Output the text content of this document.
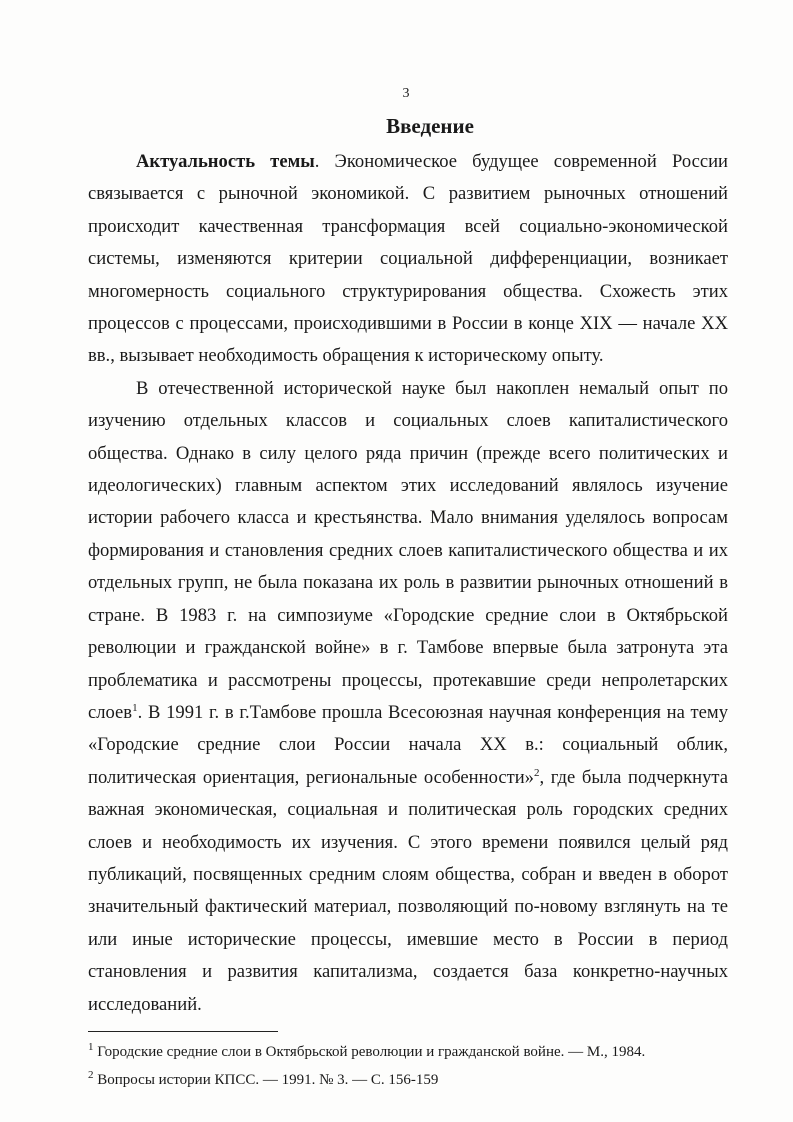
3
Введение

Актуальность темы. Экономическое будущее современной России связывается с рыночной экономикой. С развитием рыночных отношений происходит качественная трансформация всей социально-экономической системы, изменяются критерии социальной дифференциации, возникает многомерность социального структурирования общества. Схожесть этих процессов с процессами, происходившими в России в конце XIX — начале XX вв., вызывает необходимость обращения к историческому опыту.

В отечественной исторической науке был накоплен немалый опыт по изучению отдельных классов и социальных слоев капиталистического общества. Однако в силу целого ряда причин (прежде всего политических и идеологических) главным аспектом этих исследований являлось изучение истории рабочего класса и крестьянства. Мало внимания уделялось вопросам формирования и становления средних слоев капиталистического общества и их отдельных групп, не была показана их роль в развитии рыночных отношений в стране. В 1983 г. на симпозиуме «Городские средние слои в Октябрьской революции и гражданской войне» в г. Тамбове впервые была затронута эта проблематика и рассмотрены процессы, протекавшие среди непролетарских слоев$^1$. В 1991 г. в г.Тамбове прошла Всесоюзная научная конференция на тему «Городские средние слои России начала XX в.: социальный облик, политическая ориентация, региональные особенности»$^2$, где была подчеркнута важная экономическая, социальная и политическая роль городских средних слоев и необходимость их изучения. С этого времени появился целый ряд публикаций, посвященных средним слоям общества, собран и введен в оборот значительный фактический материал, позволяющий по-новому взглянуть на те или иные исторические процессы, имевшие место в России в период становления и развития капитализма, создается база конкретно-научных исследований.

$^1$ Городские средние слои в Октябрьской революции и гражданской войне. — М., 1984.
$^2$ Вопросы истории КПСС. — 1991. № 3. — С. 156-159
